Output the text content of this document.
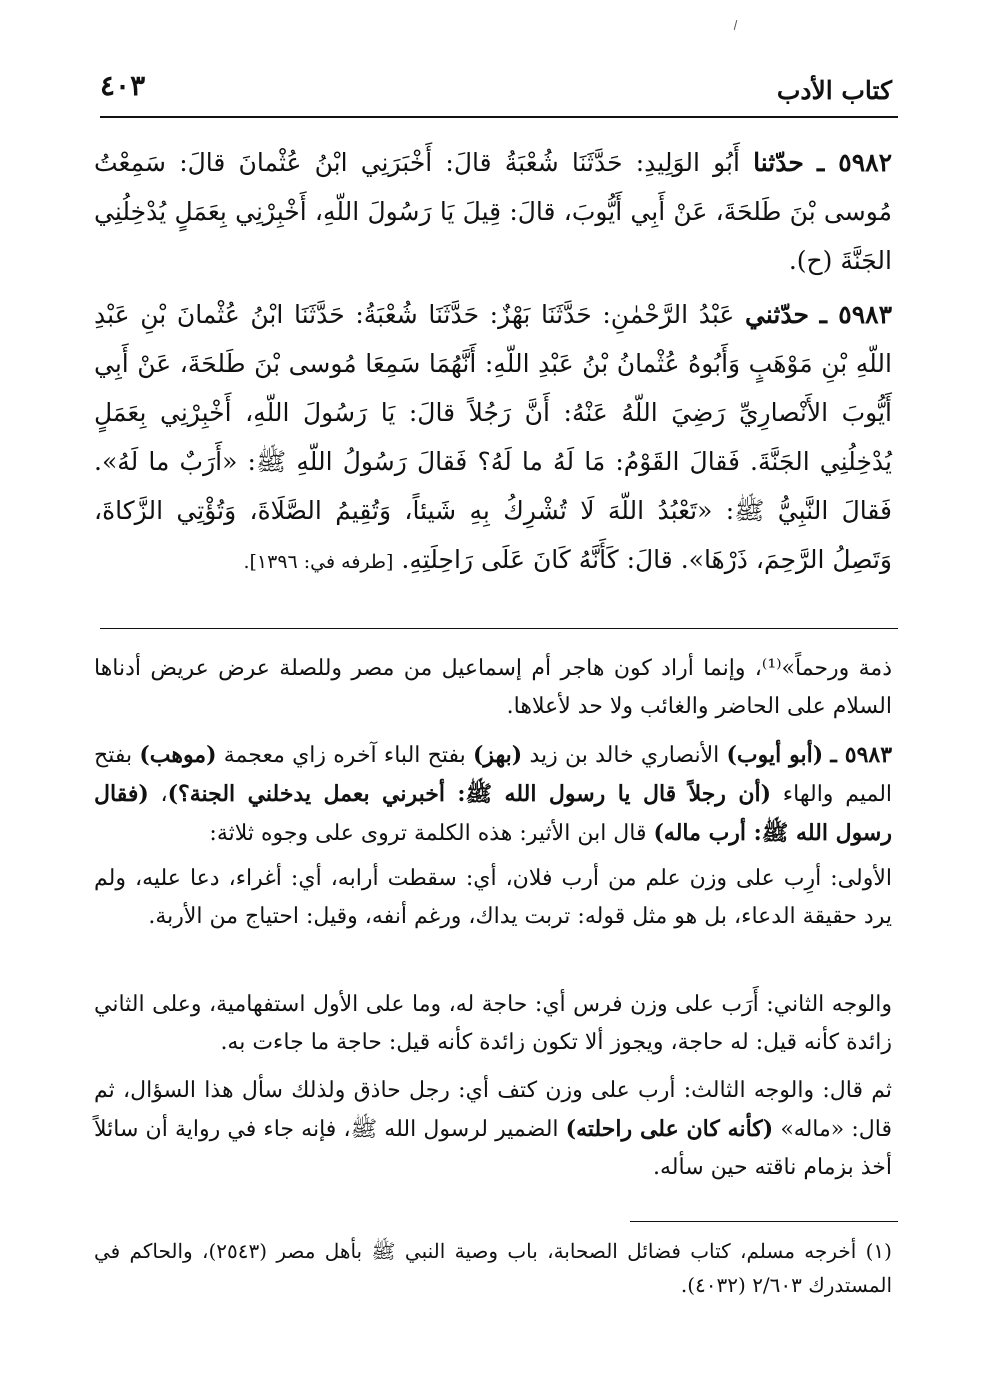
كتاب الأدب
٤٠٣
٥٩٨٢ ـ حدّثنا أَبُو الوَلِيدِ: حَدَّثَنَا شُعْبَةُ قالَ: أَخْبَرَنِي ابْنُ عُثْمانَ قالَ: سَمِعْتُ مُوسى بْنَ طَلحَةَ، عَنْ أَبِي أَيُّوبَ، قالَ: قِيلَ يَا رَسُولَ اللّهِ، أَخْبِرْنِي بِعَمَلٍ يُدْخِلُنِي الجَنَّةَ (ح).
٥٩٨٣ ـ حدّثني عَبْدُ الرَّحْمٰنِ: حَدَّثَنَا بَهْزٌ: حَدَّثَنَا شُعْبَةُ: حَدَّثَنَا ابْنُ عُثْمانَ بْنِ عَبْدِ اللّهِ بْنِ مَوْهَبٍ وَأَبُوهُ عُثْمانُ بْنُ عَبْدِ اللّهِ: أَنَّهُمَا سَمِعَا مُوسى بْنَ طَلحَةَ، عَنْ أَبِي أَيُّوبَ الأَنْصارِيِّ رَضِيَ اللّهُ عَنْهُ: أَنَّ رَجُلاً قالَ: يَا رَسُولَ اللّهِ، أَخْبِرْنِي بِعَمَلٍ يُدْخِلُنِي الجَنَّةَ. فَقالَ القَوْمُ: مَا لَهُ ما لَهُ؟ فَقالَ رَسُولُ اللّهِ ﷺ: «أَرَبٌ ما لَهُ». فَقالَ النَّبِيُّ ﷺ: «تَعْبُدُ اللّهَ لَا تُشْرِكُ بِهِ شَيئاً، وَتُقِيمُ الصَّلَاةَ، وَتُؤْتِي الزَّكاةَ، وَتَصِلُ الرَّحِمَ، ذَرْهَا». قالَ: كَأَنَّهُ كَانَ عَلَى رَاحِلَتِهِ. [طرفه في: ١٣٩٦].
ذمة ورحماً»⁽¹⁾، وإنما أراد كون هاجر أم إسماعيل من مصر وللصلة عرض عريض أدناها السلام على الحاضر والغائب ولا حد لأعلاها.
٥٩٨٣ ـ (أبو أيوب) الأنصاري خالد بن زيد (بهز) بفتح الباء آخره زاي معجمة (موهب) بفتح الميم والهاء (أن رجلاً قال يا رسول الله ﷺ: أخبرني بعمل يدخلني الجنة؟)، (فقال رسول الله ﷺ: أرب ماله) قال ابن الأثير: هذه الكلمة تروى على وجوه ثلاثة:
الأولى: أرِب على وزن علم من أرب فلان، أي: سقطت أرابه، أي: أغراء، دعا عليه، ولم يرد حقيقة الدعاء، بل هو مثل قوله: تربت يداك، ورغم أنفه، وقيل: احتياج من الأربة.
والوجه الثاني: أَرَب على وزن فرس أي: حاجة له، وما على الأول استفهامية، وعلى الثاني زائدة كأنه قيل: له حاجة، ويجوز ألا تكون زائدة كأنه قيل: حاجة ما جاءت به.
ثم قال: والوجه الثالث: أرب على وزن كتف أي: رجل حاذق ولذلك سأل هذا السؤال، ثم قال: «ماله» (كأنه كان على راحلته) الضمير لرسول الله ﷺ، فإنه جاء في رواية أن سائلاً أخذ بزمام ناقته حين سأله.
(١) أخرجه مسلم، كتاب فضائل الصحابة، باب وصية النبي ﷺ بأهل مصر (٢٥٤٣)، والحاكم في المستدرك ٢/٦٠٣ (٤٠٣٢).
